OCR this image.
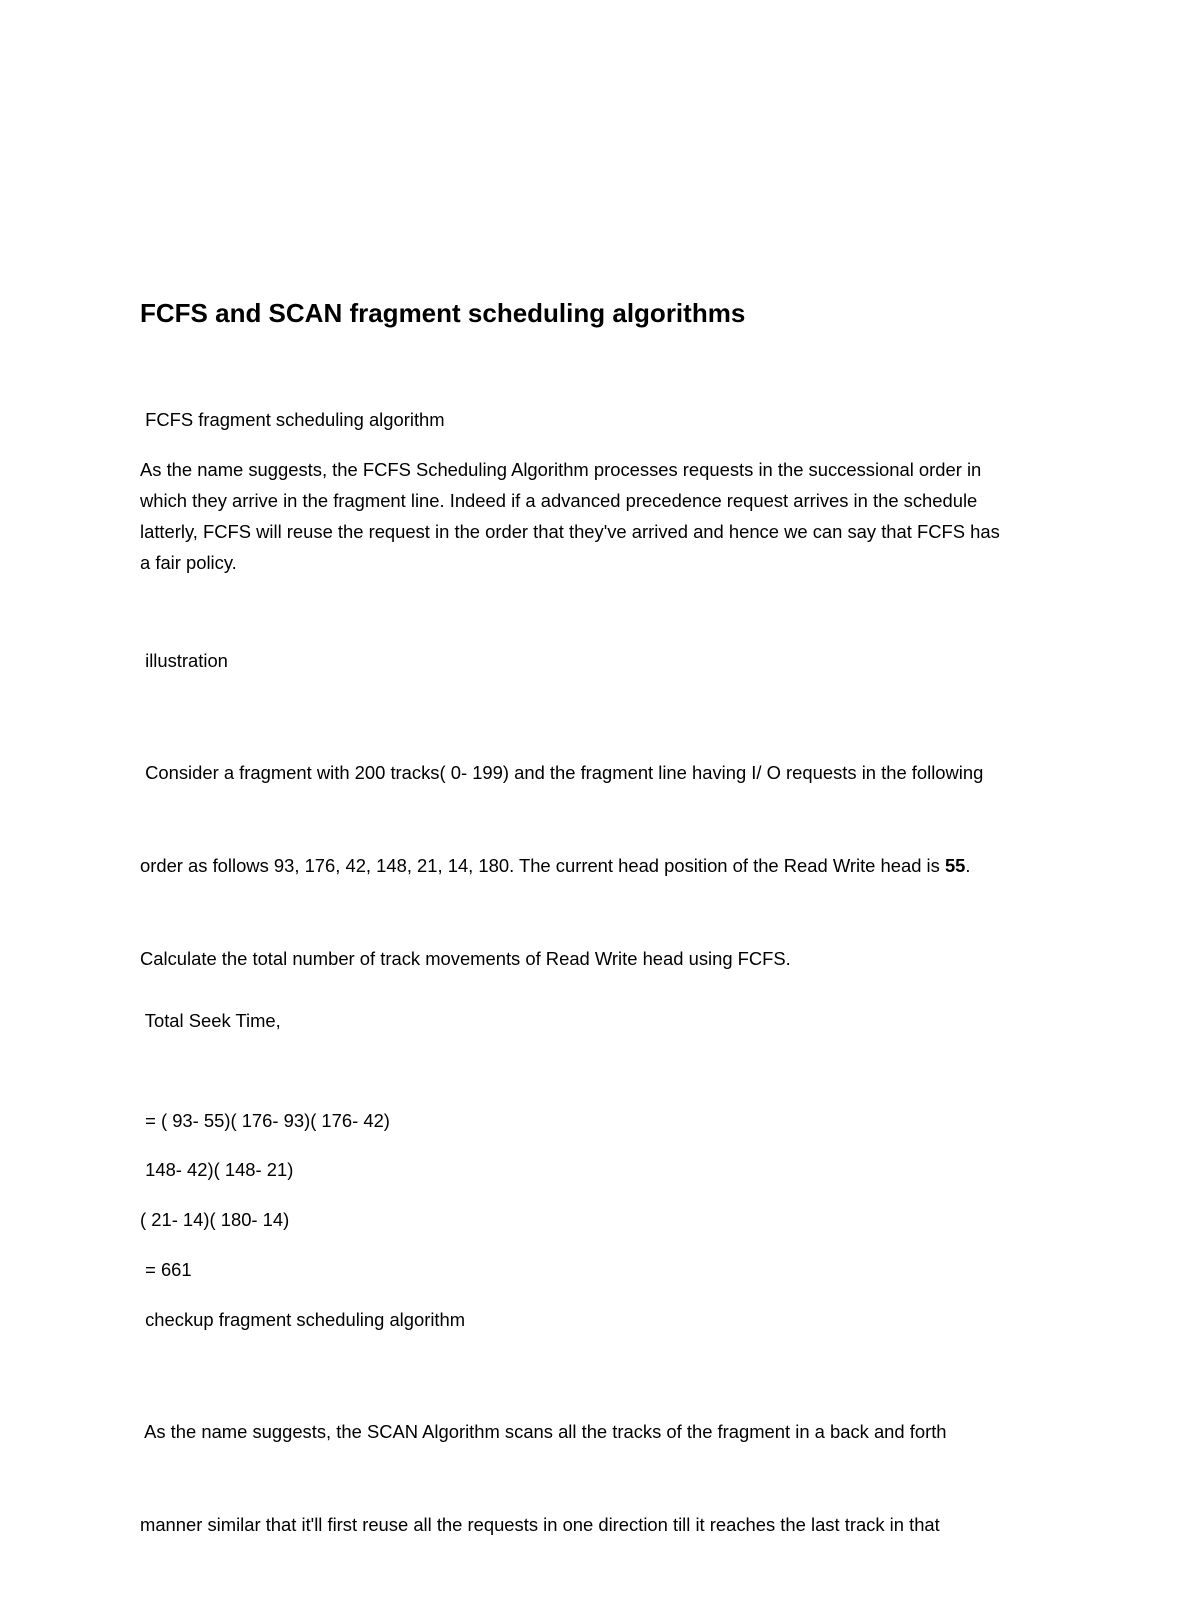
FCFS and SCAN fragment scheduling algorithms

FCFS fragment scheduling algorithm

As the name suggests, the FCFS Scheduling Algorithm processes requests in the successional order in
which they arrive in the fragment line. Indeed if a advanced precedence request arrives in the schedule
latterly, FCFS will reuse the request in the order that they've arrived and hence we can say that FCFS has
a fair policy.

illustration

Consider a fragment with 200 tracks( 0- 199) and the fragment line having I/ O requests in the following

order as follows 93, 176, 42, 148, 21, 14, 180. The current head position of the Read Write head is 55.

Calculate the total number of track movements of Read Write head using FCFS.

Total Seek Time,

= ( 93- 55)( 176- 93)( 176- 42)

148- 42)( 148- 21)

( 21- 14)( 180- 14)

= 661

checkup fragment scheduling algorithm

As the name suggests, the SCAN Algorithm scans all the tracks of the fragment in a back and forth

manner similar that it'll first reuse all the requests in one direction till it reaches the last track in that
